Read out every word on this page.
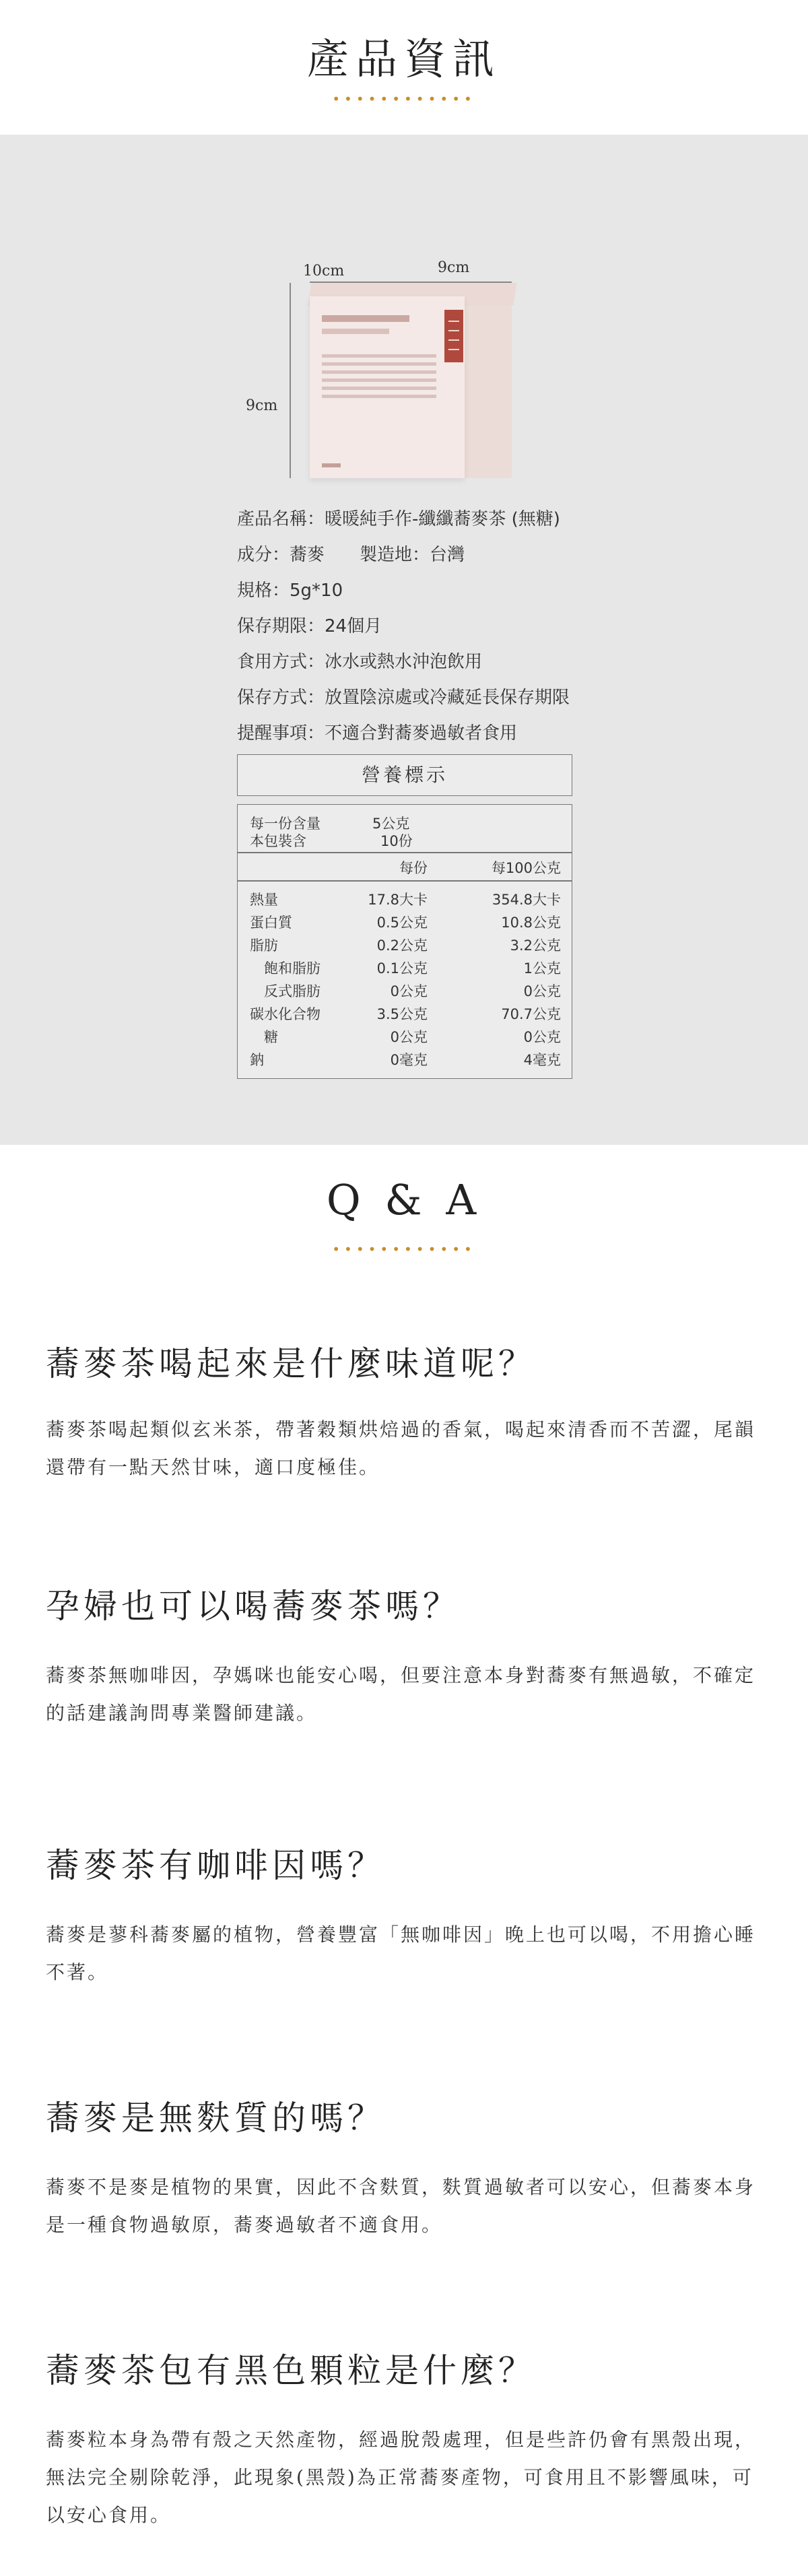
產品資訊
••••••••••••
10cm	9cm
9cm
產品名稱：暖暖純手作-纖纖蕎麥茶 (無糖)
成分：蕎麥　　製造地：台灣
規格：5g*10
保存期限：24個月
食用方式：冰水或熱水沖泡飲用
保存方式：放置陰涼處或冷藏延長保存期限
提醒事項：不適合對蕎麥過敏者食用
營養標示
每一份含量	5公克
本包裝含	10份
每份	每100公克
熱量	17.8大卡	354.8大卡
蛋白質	0.5公克	10.8公克
脂肪	0.2公克	3.2公克
　飽和脂肪	0.1公克	1公克
　反式脂肪	0公克	0公克
碳水化合物	3.5公克	70.7公克
　糖	0公克	0公克
鈉	0毫克	4毫克
Q & A
••••••••••••
蕎麥茶喝起來是什麼味道呢？
蕎麥茶喝起類似玄米茶，帶著穀類烘焙過的香氣，喝起來清香而不苦澀，尾韻還帶有一點天然甘味，適口度極佳。
孕婦也可以喝蕎麥茶嗎？
蕎麥茶無咖啡因，孕媽咪也能安心喝，但要注意本身對蕎麥有無過敏，不確定的話建議詢問專業醫師建議。
蕎麥茶有咖啡因嗎？
蕎麥是蓼科蕎麥屬的植物，營養豐富「無咖啡因」晚上也可以喝，不用擔心睡不著。
蕎麥是無麩質的嗎？
蕎麥不是麥是植物的果實，因此不含麩質，麩質過敏者可以安心，但蕎麥本身是一種食物過敏原，蕎麥過敏者不適食用。
蕎麥茶包有黑色顆粒是什麼？
蕎麥粒本身為帶有殼之天然產物，經過脫殼處理，但是些許仍會有黑殼出現，無法完全剔除乾淨，此現象(黑殼)為正常蕎麥產物，可食用且不影響風味，可以安心食用。
